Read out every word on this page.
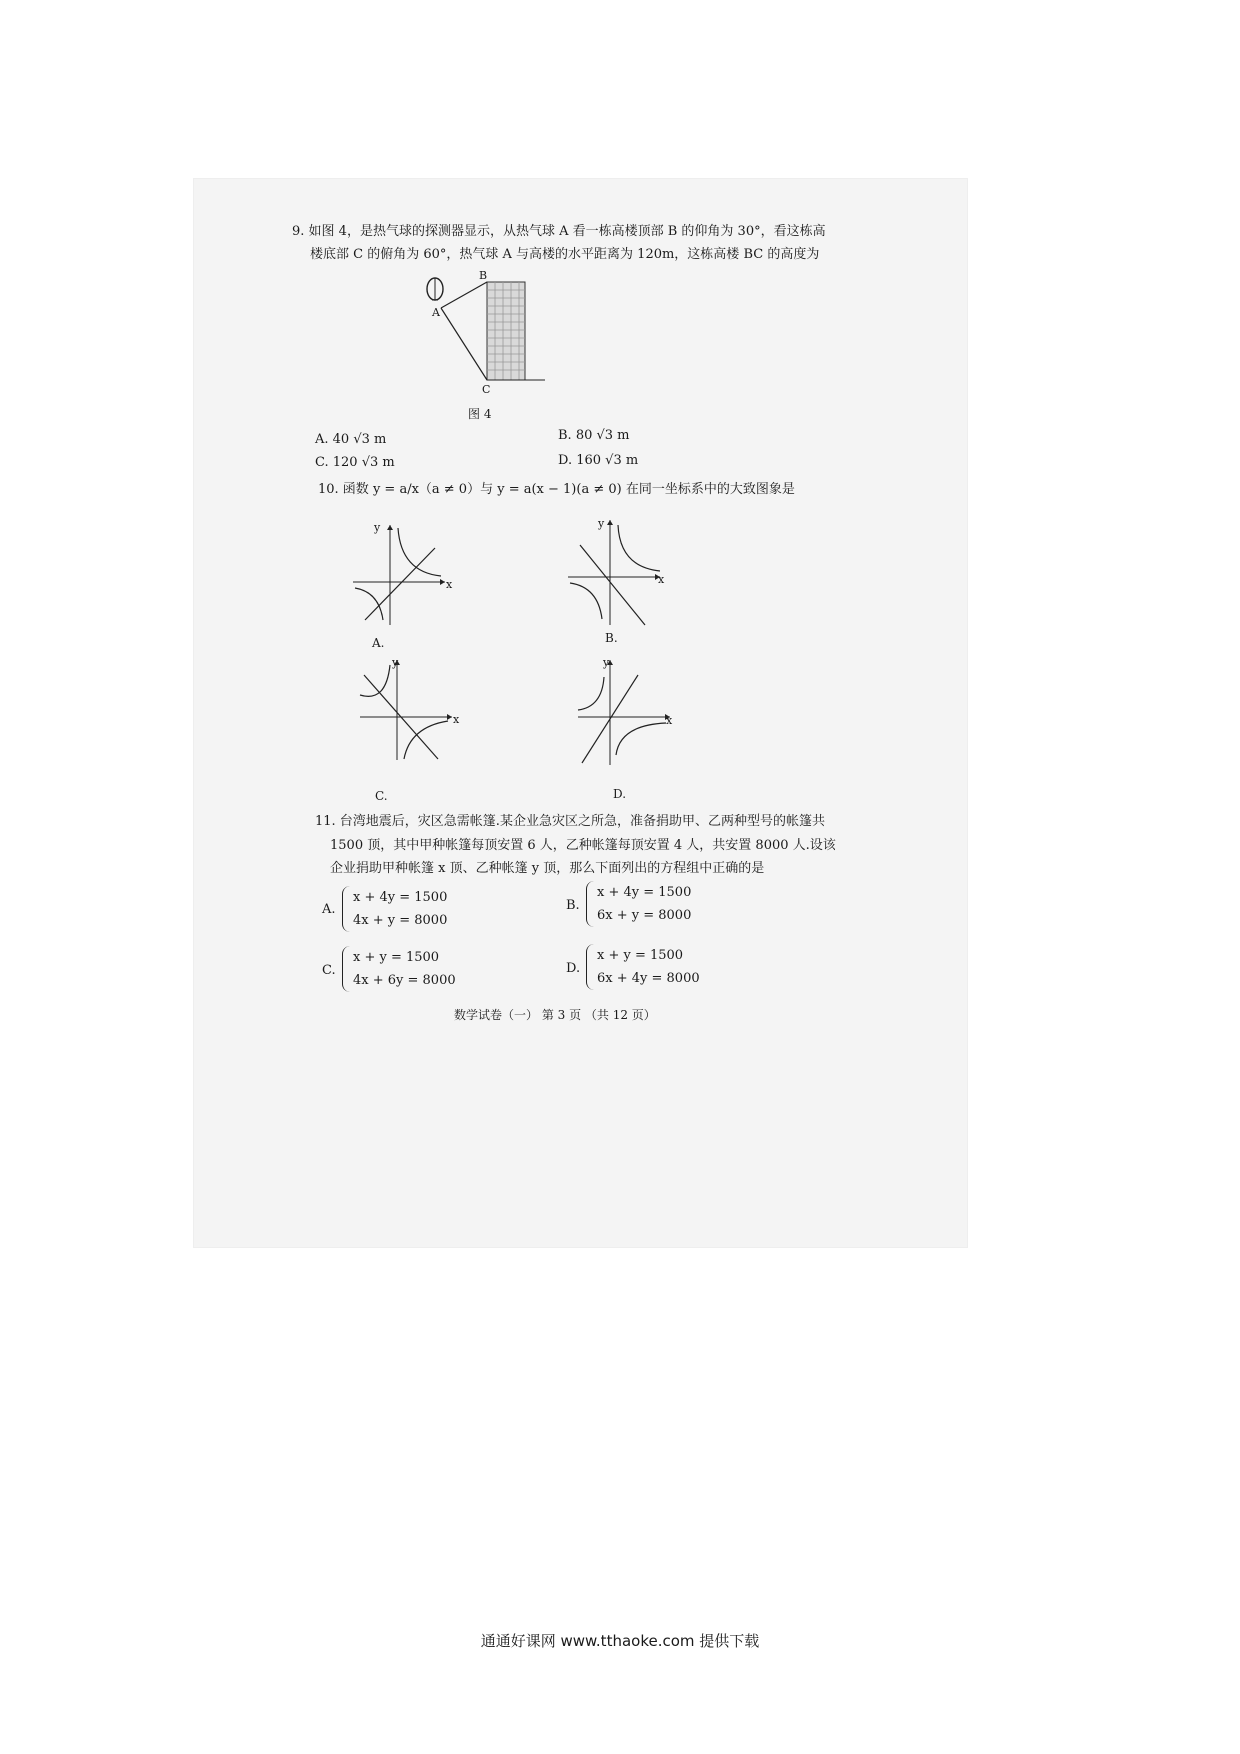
9. 如图 4，是热气球的探测器显示，从热气球 A 看一栋高楼顶部 B 的仰角为 30°，看这栋高
楼底部 C 的俯角为 60°，热气球 A 与高楼的水平距离为 120m，这栋高楼 BC 的高度为
B
A
C
图 4
A. 40 √3 m	B. 80 √3 m
C. 120 √3 m	D. 160 √3 m
10. 函数 y = a/x（a ≠ 0）与 y = a(x − 1)(a ≠ 0) 在同一坐标系中的大致图象是
y
x
A.
y
x
B.
y
x
C.
y
x
D.
11. 台湾地震后，灾区急需帐篷.某企业急灾区之所急，准备捐助甲、乙两种型号的帐篷共
1500 顶，其中甲种帐篷每顶安置 6 人，乙种帐篷每顶安置 4 人，共安置 8000 人.设该
企业捐助甲种帐篷 x 顶、乙种帐篷 y 顶，那么下面列出的方程组中正确的是
A.
x + 4y = 1500
4x + y = 8000
B.
x + 4y = 1500
6x + y = 8000
C.
x + y = 1500
4x + 6y = 8000
D.
x + y = 1500
6x + 4y = 8000
数学试卷（一） 第 3 页 （共 12 页）
通通好课网 www.tthaoke.com 提供下载
